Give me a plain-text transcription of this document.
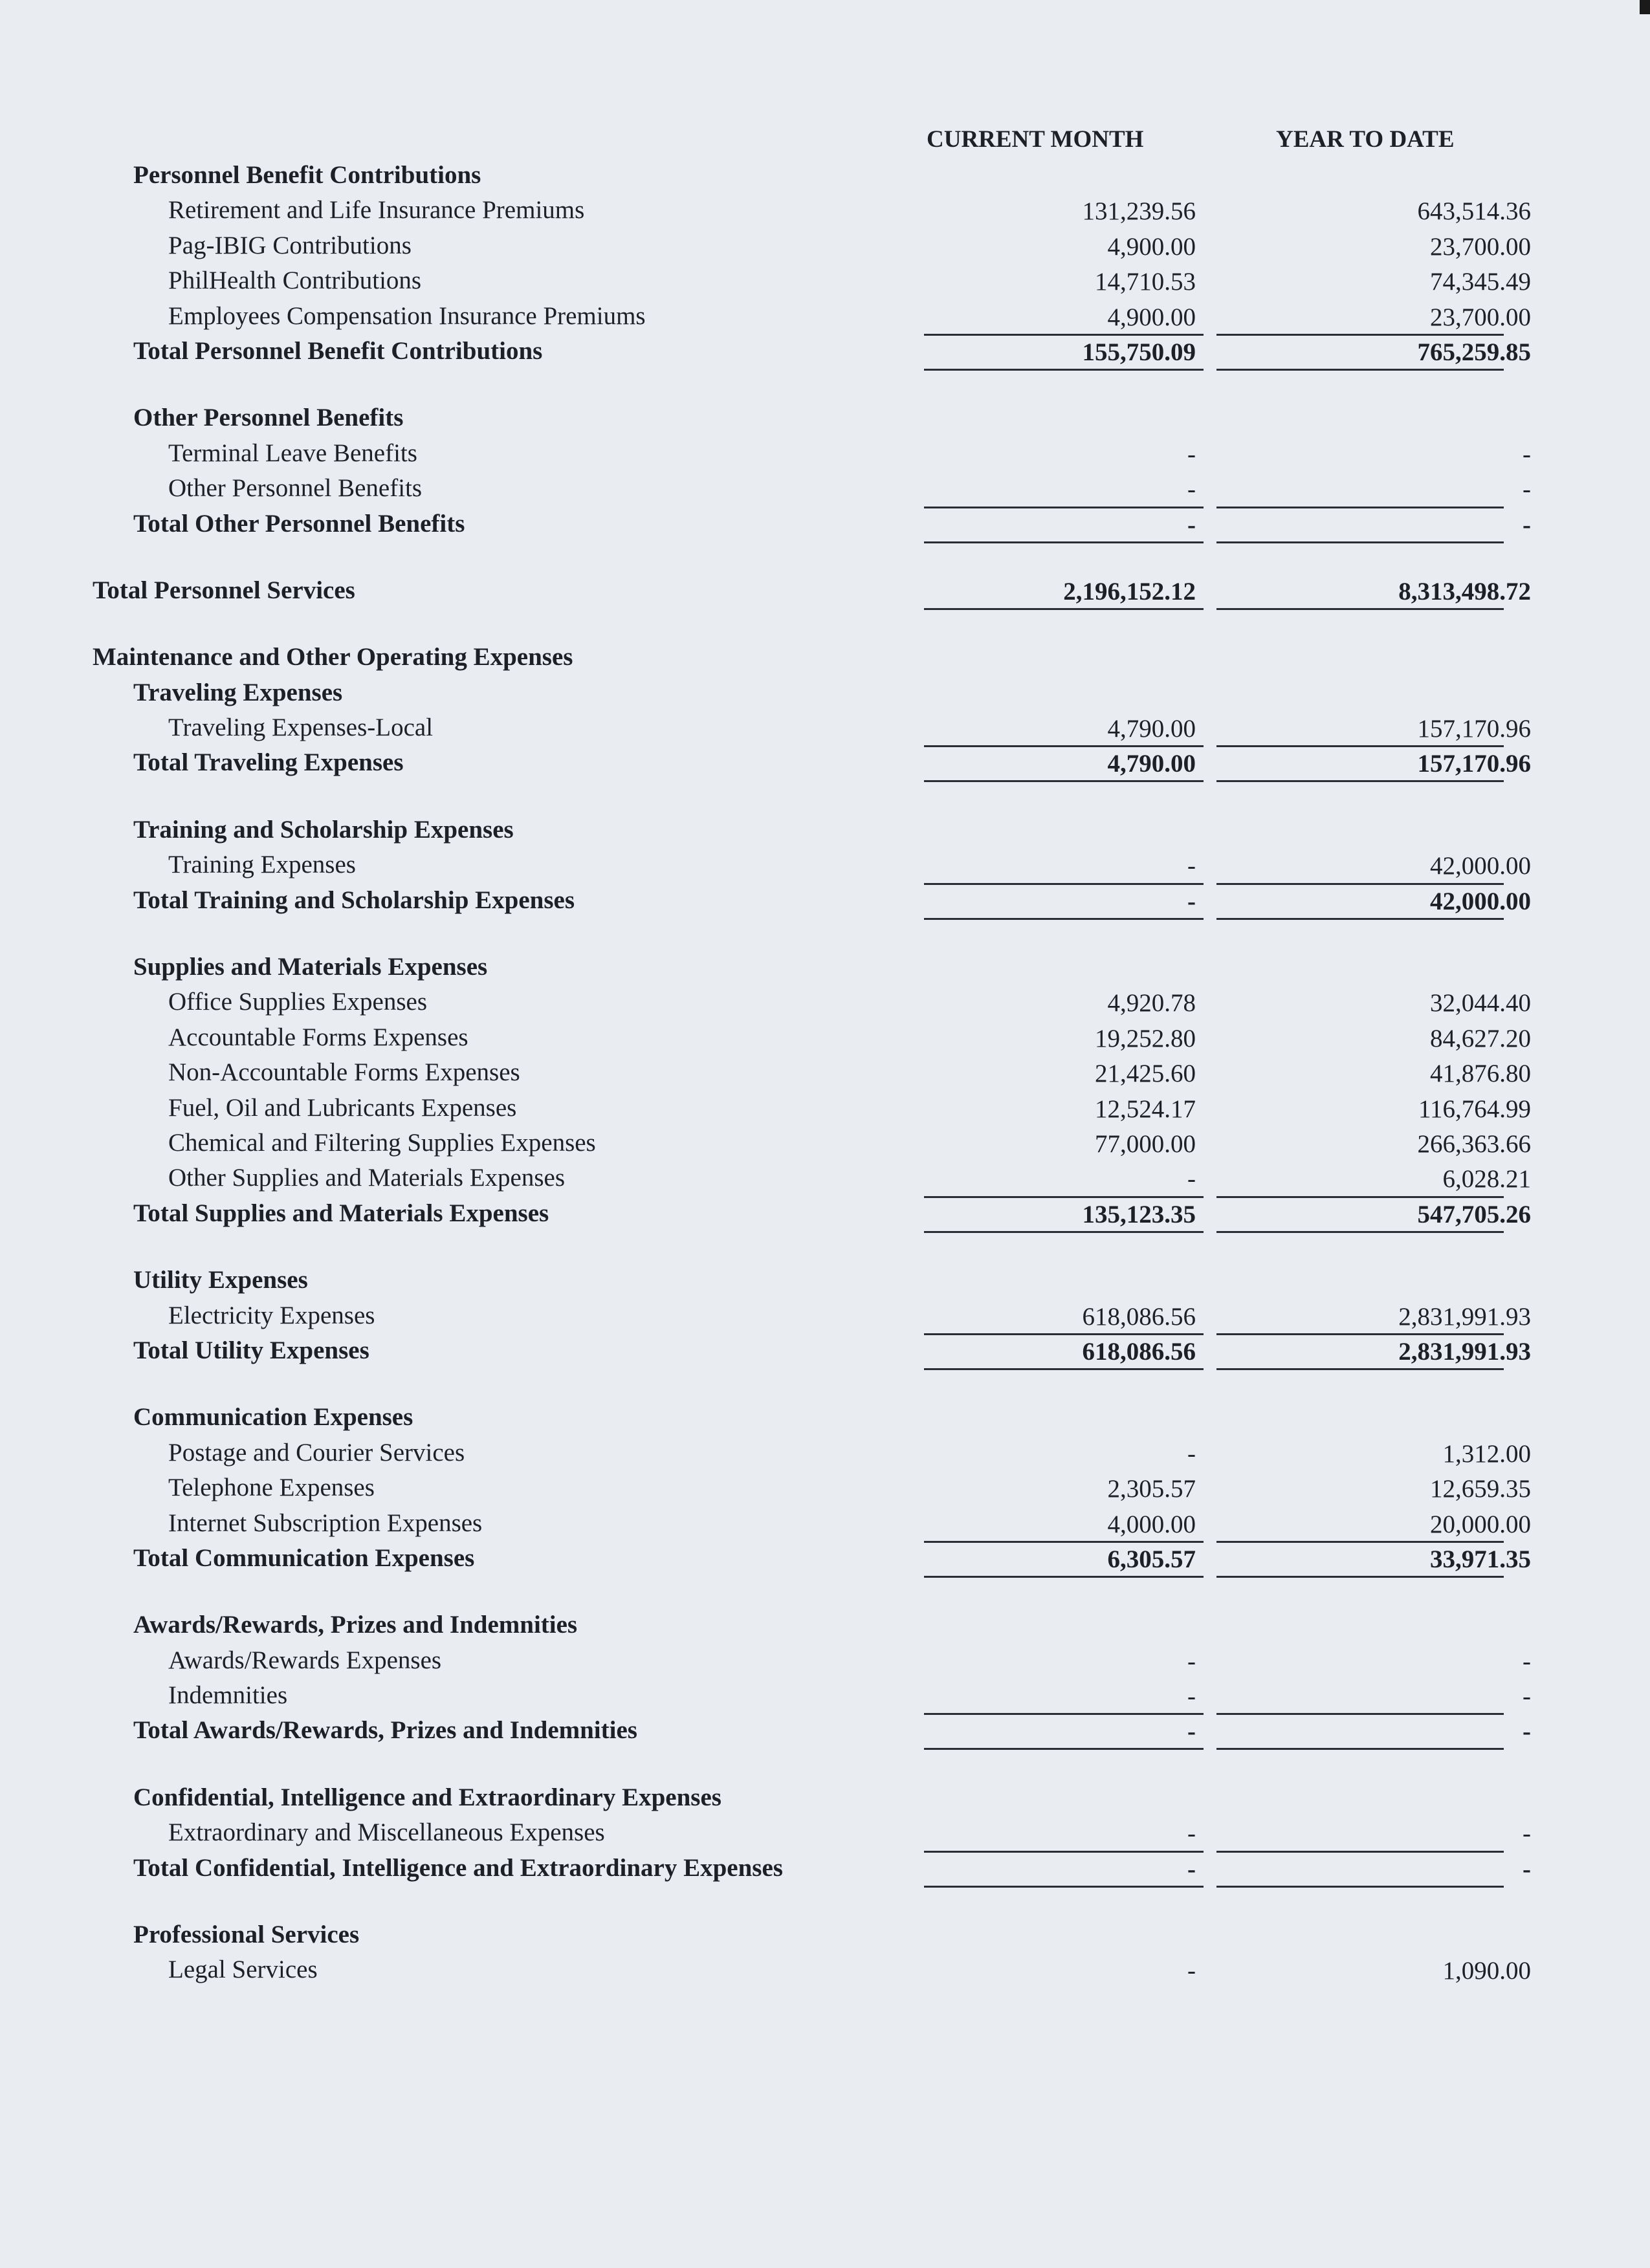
CURRENT MONTH	YEAR TO DATE
Personnel Benefit Contributions
Retirement and Life Insurance Premiums	131,239.56	643,514.36
Pag-IBIG Contributions	4,900.00	23,700.00
PhilHealth Contributions	14,710.53	74,345.49
Employees Compensation Insurance Premiums	4,900.00	23,700.00
Total Personnel Benefit Contributions	155,750.09	765,259.85
Other Personnel Benefits
Terminal Leave Benefits	-	-
Other Personnel Benefits	-	-
Total Other Personnel Benefits	-	-
Total Personnel Services	2,196,152.12	8,313,498.72
Maintenance and Other Operating Expenses
Traveling Expenses
Traveling Expenses-Local	4,790.00	157,170.96
Total Traveling Expenses	4,790.00	157,170.96
Training and Scholarship Expenses
Training Expenses	-	42,000.00
Total Training and Scholarship Expenses	-	42,000.00
Supplies and Materials Expenses
Office Supplies Expenses	4,920.78	32,044.40
Accountable Forms Expenses	19,252.80	84,627.20
Non-Accountable Forms Expenses	21,425.60	41,876.80
Fuel, Oil and Lubricants Expenses	12,524.17	116,764.99
Chemical and Filtering Supplies Expenses	77,000.00	266,363.66
Other Supplies and Materials Expenses	-	6,028.21
Total Supplies and Materials Expenses	135,123.35	547,705.26
Utility Expenses
Electricity Expenses	618,086.56	2,831,991.93
Total Utility Expenses	618,086.56	2,831,991.93
Communication Expenses
Postage and Courier Services	-	1,312.00
Telephone Expenses	2,305.57	12,659.35
Internet Subscription Expenses	4,000.00	20,000.00
Total Communication Expenses	6,305.57	33,971.35
Awards/Rewards, Prizes and Indemnities
Awards/Rewards Expenses	-	-
Indemnities	-	-
Total Awards/Rewards, Prizes and Indemnities	-	-
Confidential, Intelligence and Extraordinary Expenses
Extraordinary and Miscellaneous Expenses	-	-
Total Confidential, Intelligence and Extraordinary Expenses	-	-
Professional Services
Legal Services	-	1,090.00
